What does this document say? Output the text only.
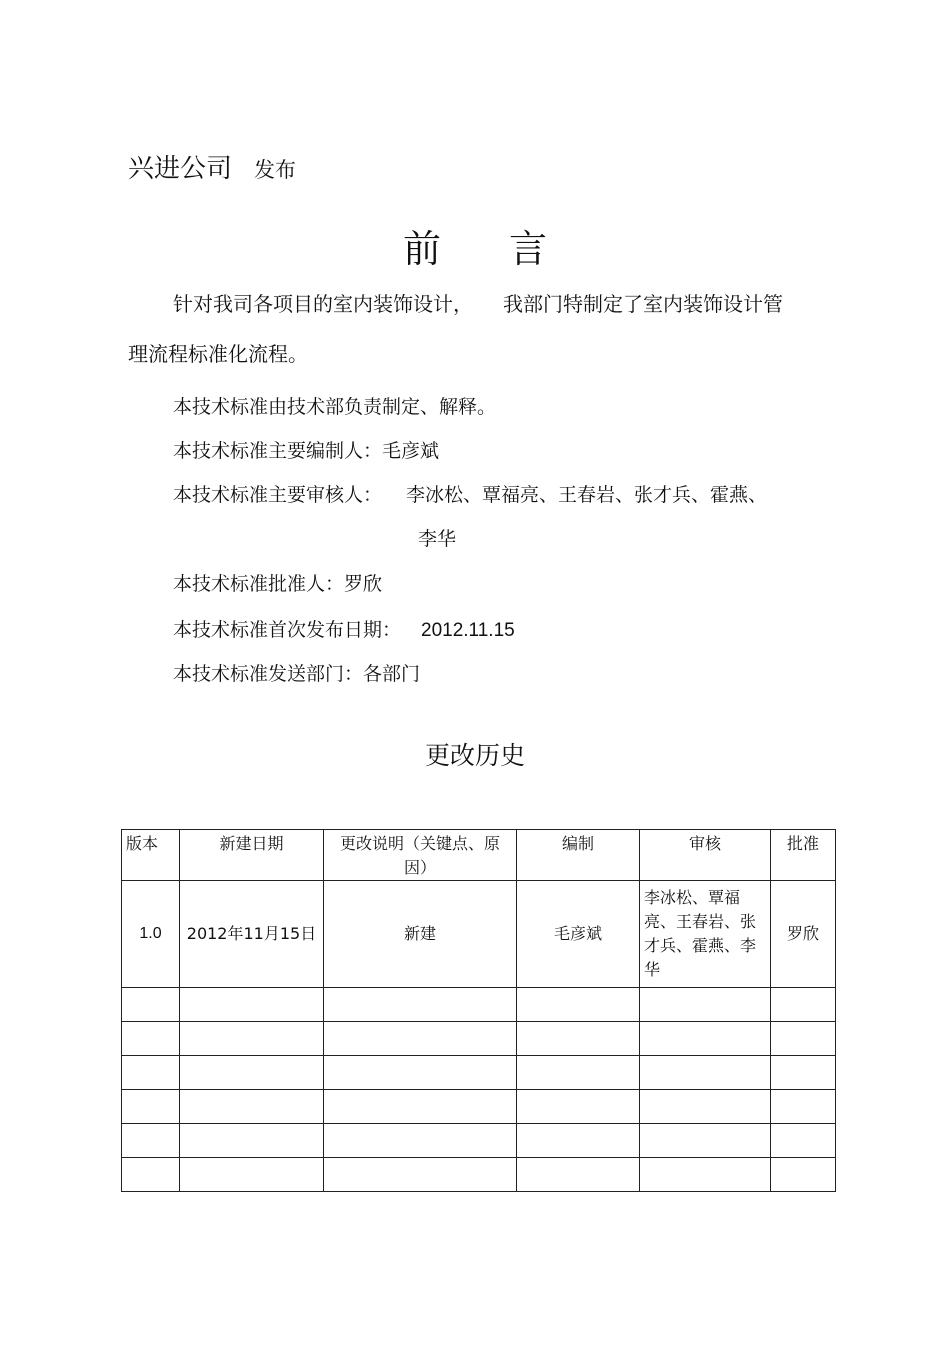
兴进公司 发布
前 言
针对我司各项目的室内装饰设计， 我部门特制定了室内装饰设计管
理流程标准化流程。
本技术标准由技术部负责制定、解释。
本技术标准主要编制人：毛彦斌
本技术标准主要审核人： 李冰松、覃福亮、王春岩、张才兵、霍燕、
李华
本技术标准批准人：罗欣
本技术标准首次发布日期： 2012.11.15
本技术标准发送部门：各部门
更改历史
版本	新建日期	更改说明（关键点、原因）	编制	审核	批准
1.0	2012年11月15日	新建	毛彦斌	李冰松、覃福亮、王春岩、张才兵、霍燕、李华	罗欣
